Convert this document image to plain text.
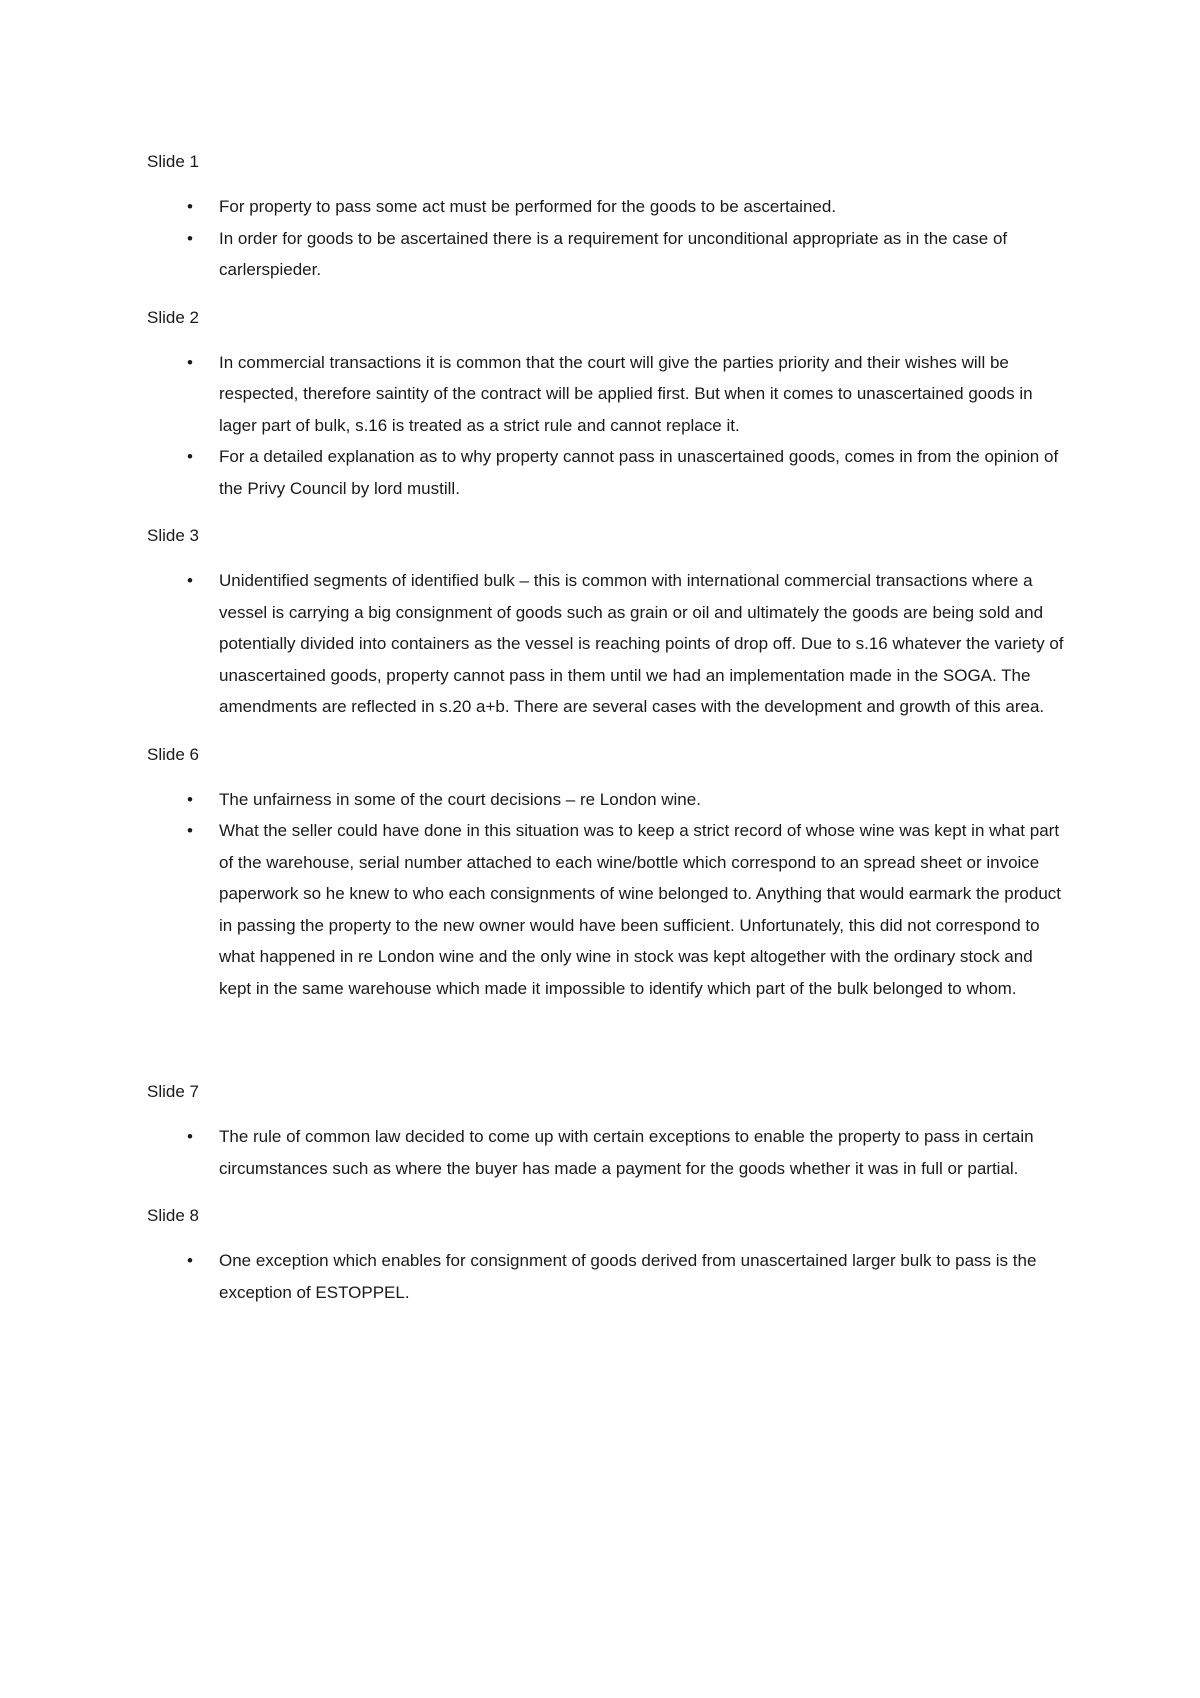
Slide 1

• For property to pass some act must be performed for the goods to be ascertained.
• In order for goods to be ascertained there is a requirement for unconditional appropriate as in the case of carlerspieder.

Slide 2

• In commercial transactions it is common that the court will give the parties priority and their wishes will be respected, therefore saintity of the contract will be applied first. But when it comes to unascertained goods in lager part of bulk, s.16 is treated as a strict rule and cannot replace it.
• For a detailed explanation as to why property cannot pass in unascertained goods, comes in from the opinion of the Privy Council by lord mustill.

Slide 3

• Unidentified segments of identified bulk – this is common with international commercial transactions where a vessel is carrying a big consignment of goods such as grain or oil and ultimately the goods are being sold and potentially divided into containers as the vessel is reaching points of drop off. Due to s.16 whatever the variety of unascertained goods, property cannot pass in them until we had an implementation made in the SOGA. The amendments are reflected in s.20 a+b. There are several cases with the development and growth of this area.

Slide 6

• The unfairness in some of the court decisions – re London wine.
• What the seller could have done in this situation was to keep a strict record of whose wine was kept in what part of the warehouse, serial number attached to each wine/bottle which correspond to an spread sheet or invoice paperwork so he knew to who each consignments of wine belonged to. Anything that would earmark the product in passing the property to the new owner would have been sufficient. Unfortunately, this did not correspond to what happened in re London wine and the only wine in stock was kept altogether with the ordinary stock and kept in the same warehouse which made it impossible to identify which part of the bulk belonged to whom.

Slide 7

• The rule of common law decided to come up with certain exceptions to enable the property to pass in certain circumstances such as where the buyer has made a payment for the goods whether it was in full or partial.

Slide 8

• One exception which enables for consignment of goods derived from unascertained larger bulk to pass is the exception of ESTOPPEL.
